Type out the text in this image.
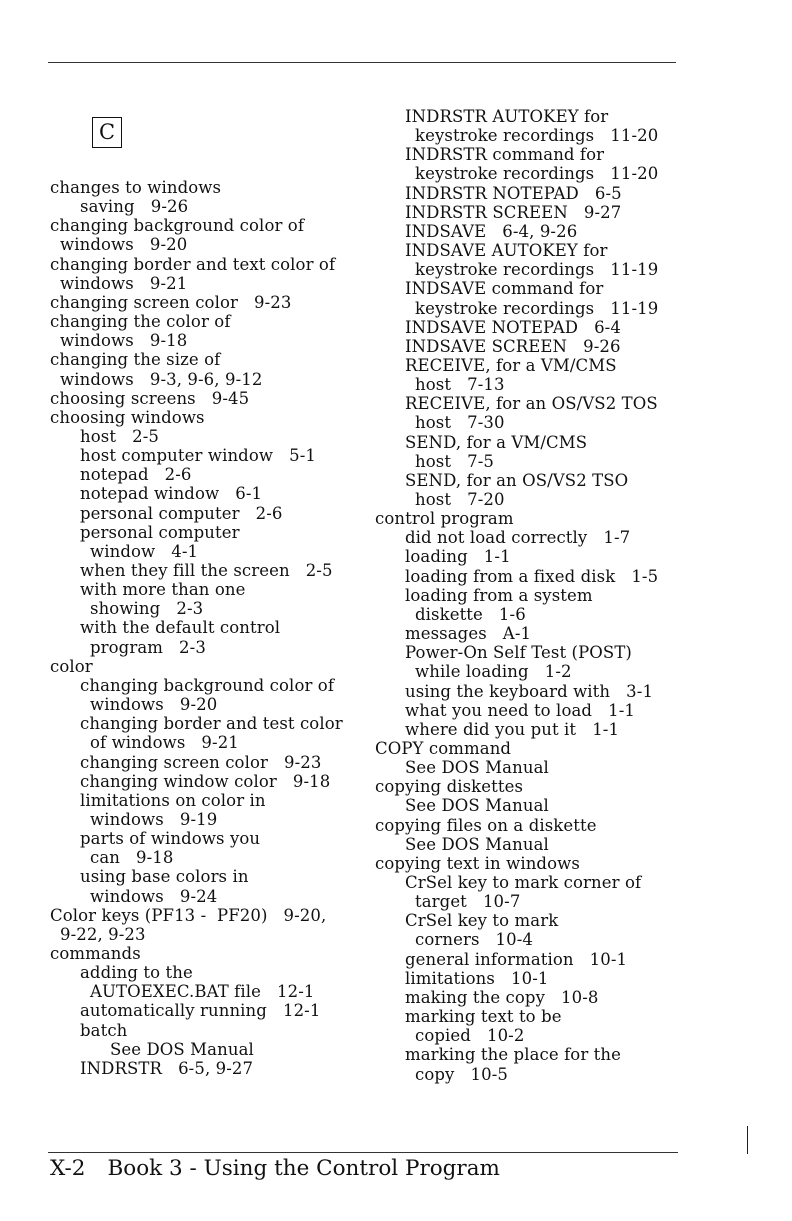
C
changes to windows
saving   9-26
changing background color of
windows   9-20
changing border and text color of
windows   9-21
changing screen color   9-23
changing the color of
windows   9-18
changing the size of
windows   9-3, 9-6, 9-12
choosing screens   9-45
choosing windows
host   2-5
host computer window   5-1
notepad   2-6
notepad window   6-1
personal computer   2-6
personal computer
window   4-1
when they fill the screen   2-5
with more than one
showing   2-3
with the default control
program   2-3
color
changing background color of
windows   9-20
changing border and test color
of windows   9-21
changing screen color   9-23
changing window color   9-18
limitations on color in
windows   9-19
parts of windows you
can   9-18
using base colors in
windows   9-24
Color keys (PF13 -  PF20)   9-20,
9-22, 9-23
commands
adding to the
AUTOEXEC.BAT file   12-1
automatically running   12-1
batch
See DOS Manual
INDRSTR   6-5, 9-27
INDRSTR AUTOKEY for
keystroke recordings   11-20
INDRSTR command for
keystroke recordings   11-20
INDRSTR NOTEPAD   6-5
INDRSTR SCREEN   9-27
INDSAVE   6-4, 9-26
INDSAVE AUTOKEY for
keystroke recordings   11-19
INDSAVE command for
keystroke recordings   11-19
INDSAVE NOTEPAD   6-4
INDSAVE SCREEN   9-26
RECEIVE, for a VM/CMS
host   7-13
RECEIVE, for an OS/VS2 TOS
host   7-30
SEND, for a VM/CMS
host   7-5
SEND, for an OS/VS2 TSO
host   7-20
control program
did not load correctly   1-7
loading   1-1
loading from a fixed disk   1-5
loading from a system
diskette   1-6
messages   A-1
Power-On Self Test (POST)
while loading   1-2
using the keyboard with   3-1
what you need to load   1-1
where did you put it   1-1
COPY command
See DOS Manual
copying diskettes
See DOS Manual
copying files on a diskette
See DOS Manual
copying text in windows
CrSel key to mark corner of
target   10-7
CrSel key to mark
corners   10-4
general information   10-1
limitations   10-1
making the copy   10-8
marking text to be
copied   10-2
marking the place for the
copy   10-5
X-2 Book 3 - Using the Control Program
